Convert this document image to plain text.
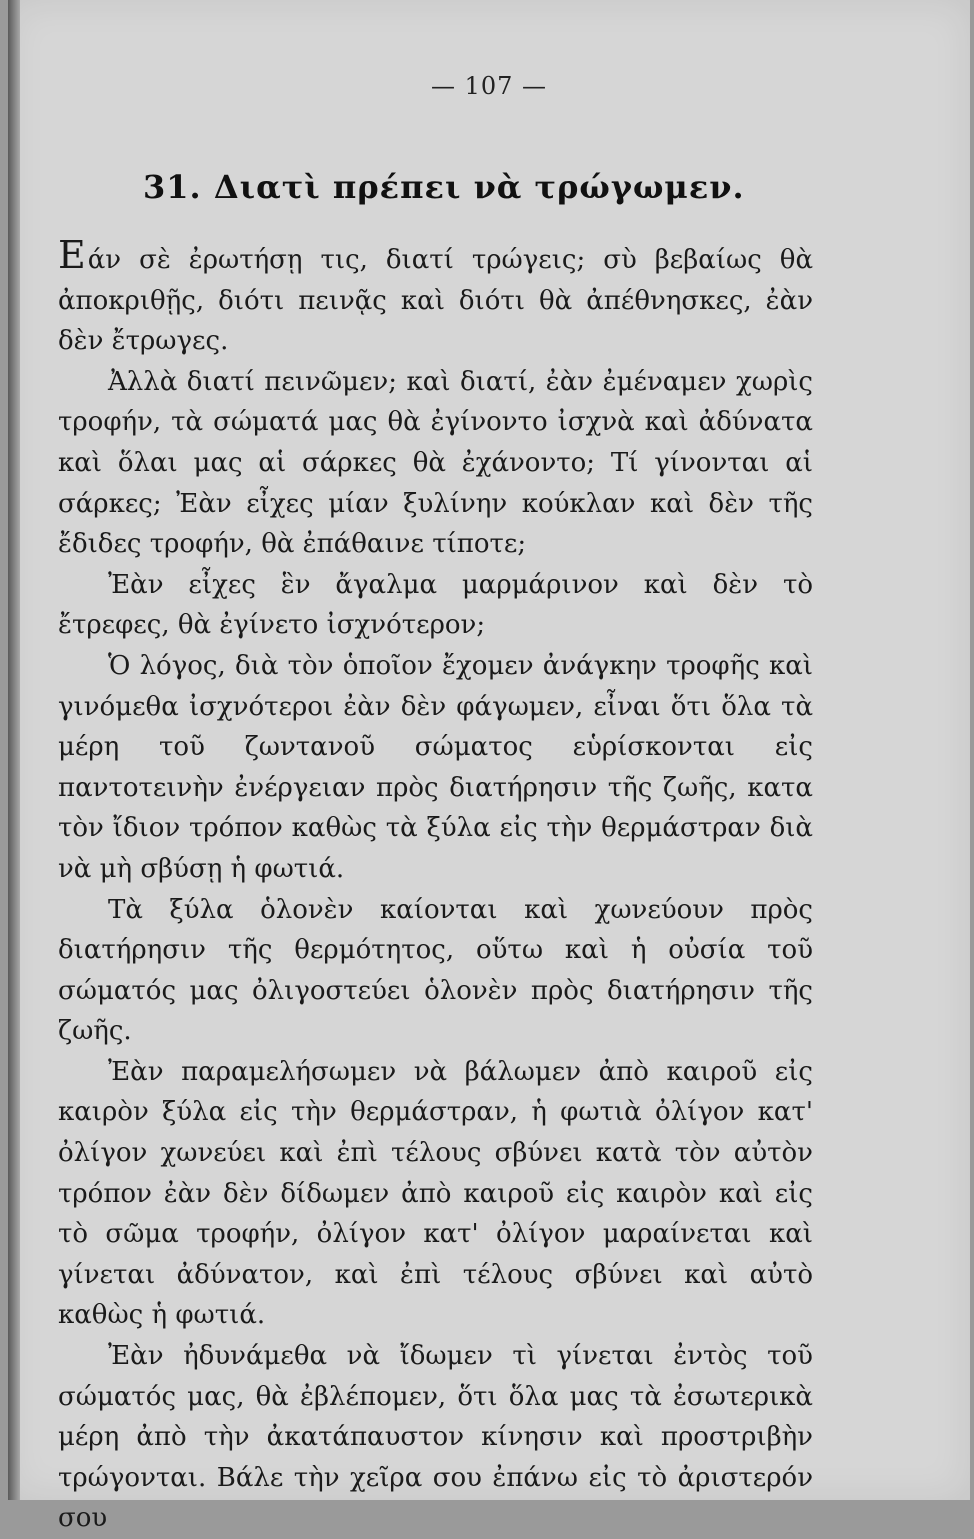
— 107 —
31. Διατὶ πρέπει νὰ τρώγωμεν.

Εάν σὲ ἐρωτήσῃ τις, διατί τρώγεις; σὺ βεβαίως θὰ ἀποκριθῇς, διότι πεινᾷς καὶ διότι θὰ ἀπέθνησκες, ἐὰν δὲν ἔτρωγες.

Ἀλλὰ διατί πεινῶμεν; καὶ διατί, ἐὰν ἐμέναμεν χωρὶς τροφήν, τὰ σώματά μας θὰ ἐγίνοντο ἰσχνὰ καὶ ἀδύνατα καὶ ὅλαι μας αἱ σάρκες θὰ ἐχάνοντο; Τί γίνονται αἱ σάρκες; Ἐὰν εἶχες μίαν ξυλίνην κούκλαν καὶ δὲν τῆς ἔδιδες τροφήν, θὰ ἐπάθαινε τίποτε;

Ἐὰν εἶχες ἓν ἄγαλμα μαρμάρινον καὶ δὲν τὸ ἔτρεφες, θὰ ἐγίνετο ἰσχνότερον;

Ὁ λόγος, διὰ τὸν ὁποῖον ἔχομεν ἀνάγκην τροφῆς καὶ γινόμεθα ἰσχνότεροι ἐὰν δὲν φάγωμεν, εἶναι ὅτι ὅλα τὰ μέρη τοῦ ζωντανοῦ σώματος εὑρίσκονται εἰς παντοτεινὴν ἐνέργειαν πρὸς διατήρησιν τῆς ζωῆς, κατα τὸν ἴδιον τρόπον καθὼς τὰ ξύλα εἰς τὴν θερμάστραν διὰ νὰ μὴ σβύσῃ ἡ φωτιά.

Τὰ ξύλα ὁλονὲν καίονται καὶ χωνεύουν πρὸς διατήρησιν τῆς θερμότητος, οὕτω καὶ ἡ οὐσία τοῦ σώματός μας ὀλιγοστεύει ὁλονὲν πρὸς διατήρησιν τῆς ζωῆς.

Ἐὰν παραμελήσωμεν νὰ βάλωμεν ἀπὸ καιροῦ εἰς καιρὸν ξύλα εἰς τὴν θερμάστραν, ἡ φωτιὰ ὀλίγον κατ' ὀλίγον χωνεύει καὶ ἐπὶ τέλους σβύνει κατὰ τὸν αὐτὸν τρόπον ἐὰν δὲν δίδωμεν ἀπὸ καιροῦ εἰς καιρὸν καὶ εἰς τὸ σῶμα τροφήν, ὀλίγον κατ' ὀλίγον μαραίνεται καὶ γίνεται ἀδύνατον, καὶ ἐπὶ τέλους σβύνει καὶ αὐτὸ καθὼς ἡ φωτιά.

Ἐὰν ἠδυνάμεθα νὰ ἴδωμεν τὶ γίνεται ἐντὸς τοῦ σώματός μας, θὰ ἐβλέπομεν, ὅτι ὅλα μας τὰ ἐσωτερικὰ μέρη ἀπὸ τὴν ἀκατάπαυστον κίνησιν καὶ προστριβὴν τρώγονται. Βάλε τὴν χεῖρα σου ἐπάνω εἰς τὸ ἀριστερόν σου
